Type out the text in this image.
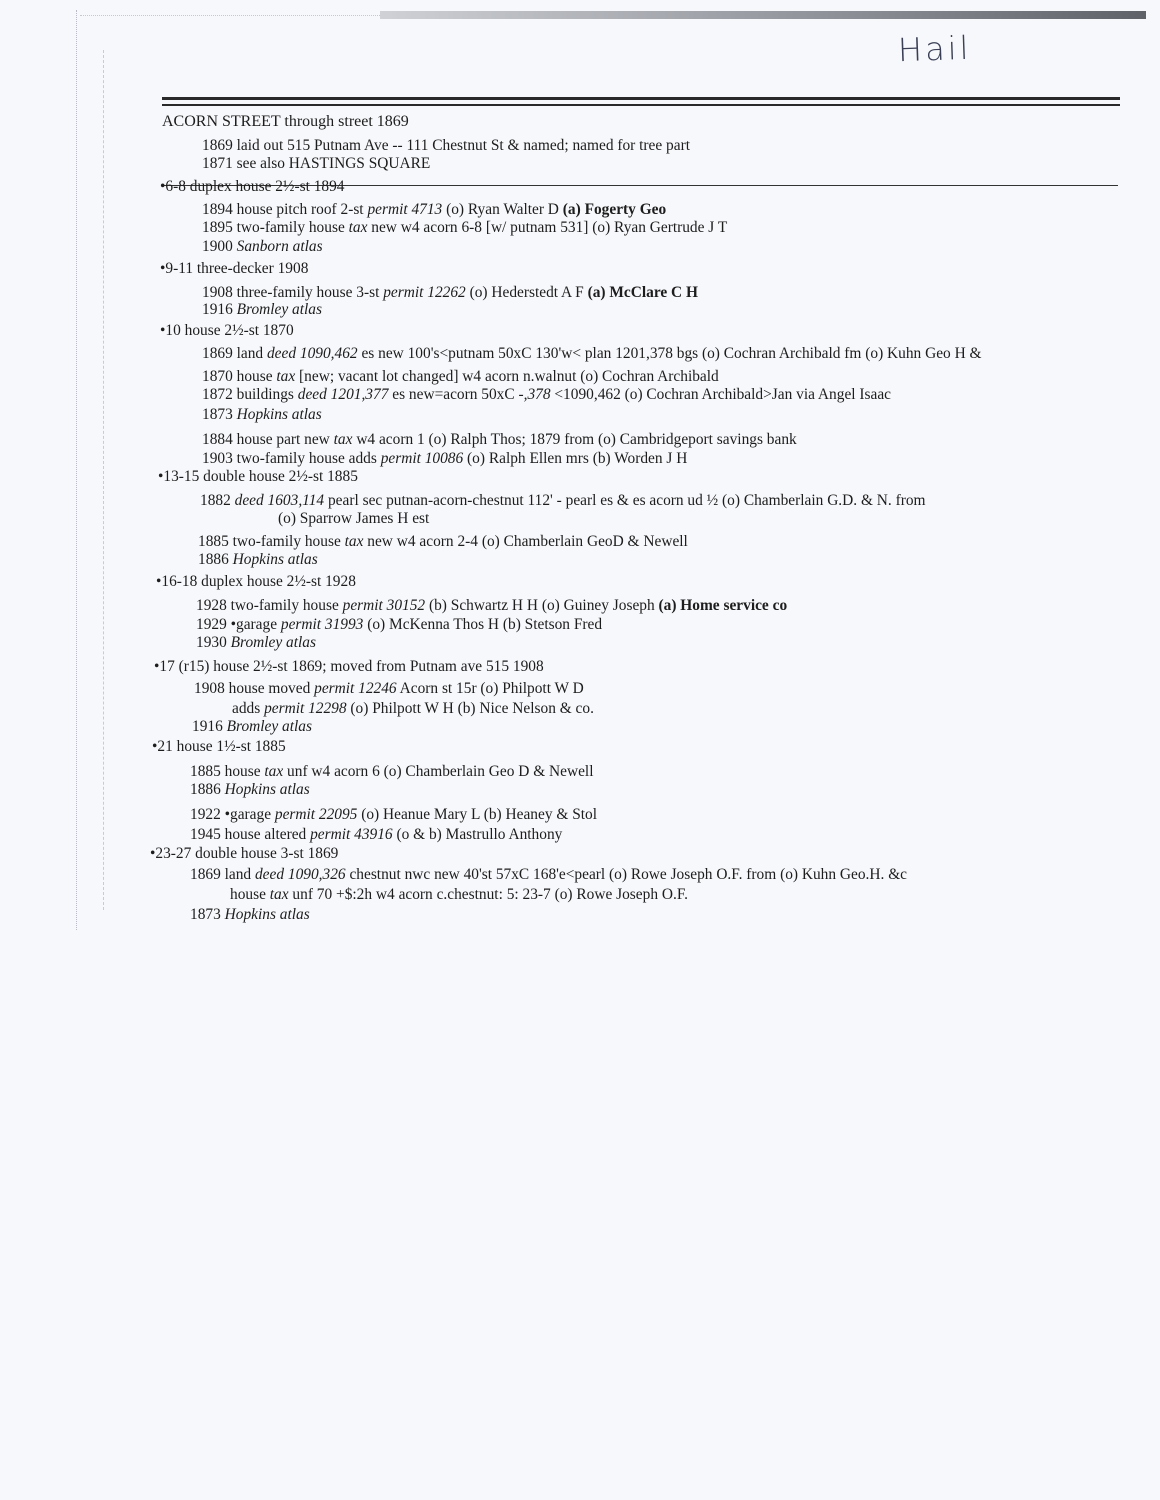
Hail
ACORN STREET through street 1869
1869 laid out 515 Putnam Ave -- 111 Chestnut St & named; named for tree part
1871 see also HASTINGS SQUARE
•6-8 duplex house 2½-st 1894
1894 house pitch roof 2-st permit 4713 (o) Ryan Walter D (a) Fogerty Geo
1895 two-family house tax new w4 acorn 6-8 [w/ putnam 531] (o) Ryan Gertrude J T
1900 Sanborn atlas
•9-11 three-decker 1908
1908 three-family house 3-st permit 12262 (o) Hederstedt A F (a) McClare C H
1916 Bromley atlas
•10 house 2½-st 1870
1869 land deed 1090,462 es new 100's<putnam 50xC 130'w< plan 1201,378 bgs (o) Cochran Archibald fm (o) Kuhn Geo H &
1870 house tax [new; vacant lot changed] w4 acorn n.walnut (o) Cochran Archibald
1872 buildings deed 1201,377 es new=acorn 50xC -,378 <1090,462 (o) Cochran Archibald>Jan via Angel Isaac
1873 Hopkins atlas
1884 house part new tax w4 acorn 1 (o) Ralph Thos; 1879 from (o) Cambridgeport savings bank
1903 two-family house adds permit 10086 (o) Ralph Ellen mrs (b) Worden J H
•13-15 double house 2½-st 1885
1882 deed 1603,114 pearl sec putnan-acorn-chestnut 112' - pearl es & es acorn ud ½ (o) Chamberlain G.D. & N. from
(o) Sparrow James H est
1885 two-family house tax new w4 acorn 2-4 (o) Chamberlain GeoD & Newell
1886 Hopkins atlas
•16-18 duplex house 2½-st 1928
1928 two-family house permit 30152 (b) Schwartz H H (o) Guiney Joseph (a) Home service co
1929 •garage permit 31993 (o) McKenna Thos H (b) Stetson Fred
1930 Bromley atlas
•17 (r15) house 2½-st 1869; moved from Putnam ave 515 1908
1908 house moved permit 12246 Acorn st 15r (o) Philpott W D
adds permit 12298 (o) Philpott W H (b) Nice Nelson & co.
1916 Bromley atlas
•21 house 1½-st 1885
1885 house tax unf w4 acorn 6 (o) Chamberlain Geo D & Newell
1886 Hopkins atlas
1922 •garage permit 22095 (o) Heanue Mary L (b) Heaney & Stol
1945 house altered permit 43916 (o & b) Mastrullo Anthony
•23-27 double house 3-st 1869
1869 land deed 1090,326 chestnut nwc new 40'st 57xC 168'e<pearl (o) Rowe Joseph O.F. from (o) Kuhn Geo.H. &c
house tax unf 70 +$:2h w4 acorn c.chestnut: 5: 23-7 (o) Rowe Joseph O.F.
1873 Hopkins atlas
